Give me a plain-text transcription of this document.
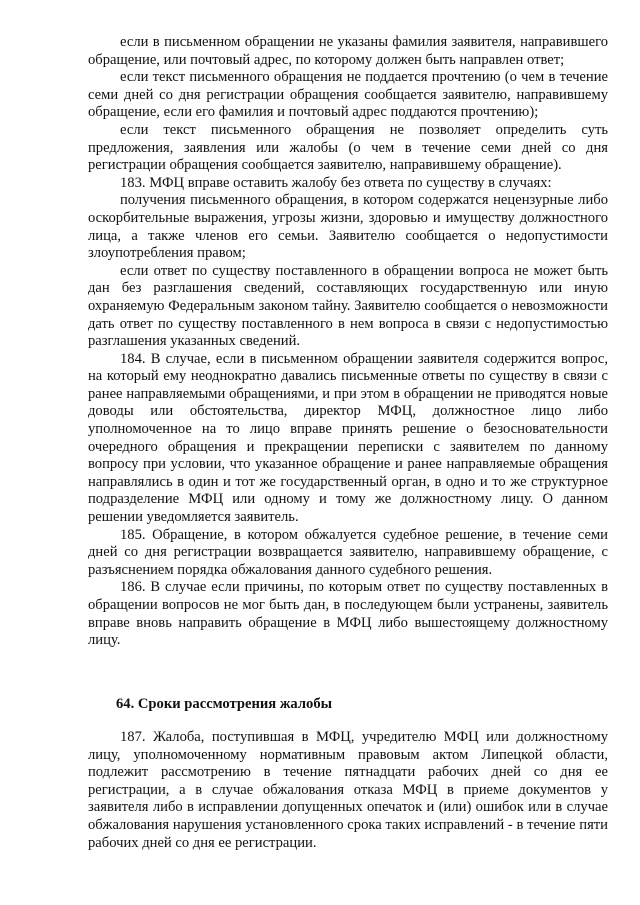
если в письменном обращении не указаны фамилия заявителя, направившего обращение, или почтовый адрес, по которому должен быть направлен ответ;

если текст письменного обращения не поддается прочтению (о чем в течение семи дней со дня регистрации обращения сообщается заявителю, направившему обращение, если его фамилия и почтовый адрес поддаются прочтению);

если текст письменного обращения не позволяет определить суть предложения, заявления или жалобы (о чем в течение семи дней со дня регистрации обращения сообщается заявителю, направившему обращение).

183. МФЦ вправе оставить жалобу без ответа по существу в случаях:

получения письменного обращения, в котором содержатся нецензурные либо оскорбительные выражения, угрозы жизни, здоровью и имуществу должностного лица, а также членов его семьи. Заявителю сообщается о недопустимости злоупотребления правом;

если ответ по существу поставленного в обращении вопроса не может быть дан без разглашения сведений, составляющих государственную или иную охраняемую Федеральным законом тайну. Заявителю сообщается о невозможности дать ответ по существу поставленного в нем вопроса в связи с недопустимостью разглашения указанных сведений.

184. В случае, если в письменном обращении заявителя содержится вопрос, на который ему неоднократно давались письменные ответы по существу в связи с ранее направляемыми обращениями, и при этом в обращении не приводятся новые доводы или обстоятельства, директор МФЦ, должностное лицо либо уполномоченное на то лицо вправе принять решение о безосновательности очередного обращения и прекращении переписки с заявителем по данному вопросу при условии, что указанное обращение и ранее направляемые обращения направлялись в один и тот же государственный орган, в одно и то же структурное подразделение МФЦ или одному и тому же должностному лицу. О данном решении уведомляется заявитель.

185. Обращение, в котором обжалуется судебное решение, в течение семи дней со дня регистрации возвращается заявителю, направившему обращение, с разъяснением порядка обжалования данного судебного решения.

186. В случае если причины, по которым ответ по существу поставленных в обращении вопросов не мог быть дан, в последующем были устранены, заявитель вправе вновь направить обращение в МФЦ либо вышестоящему должностному лицу.

64. Сроки рассмотрения жалобы

187. Жалоба, поступившая в МФЦ, учредителю МФЦ или должностному лицу, уполномоченному нормативным правовым актом Липецкой области, подлежит рассмотрению в течение пятнадцати рабочих дней со дня ее регистрации, а в случае обжалования отказа МФЦ в приеме документов у заявителя либо в исправлении допущенных опечаток и (или) ошибок или в случае обжалования нарушения установленного срока таких исправлений - в течение пяти рабочих дней со дня ее регистрации.
